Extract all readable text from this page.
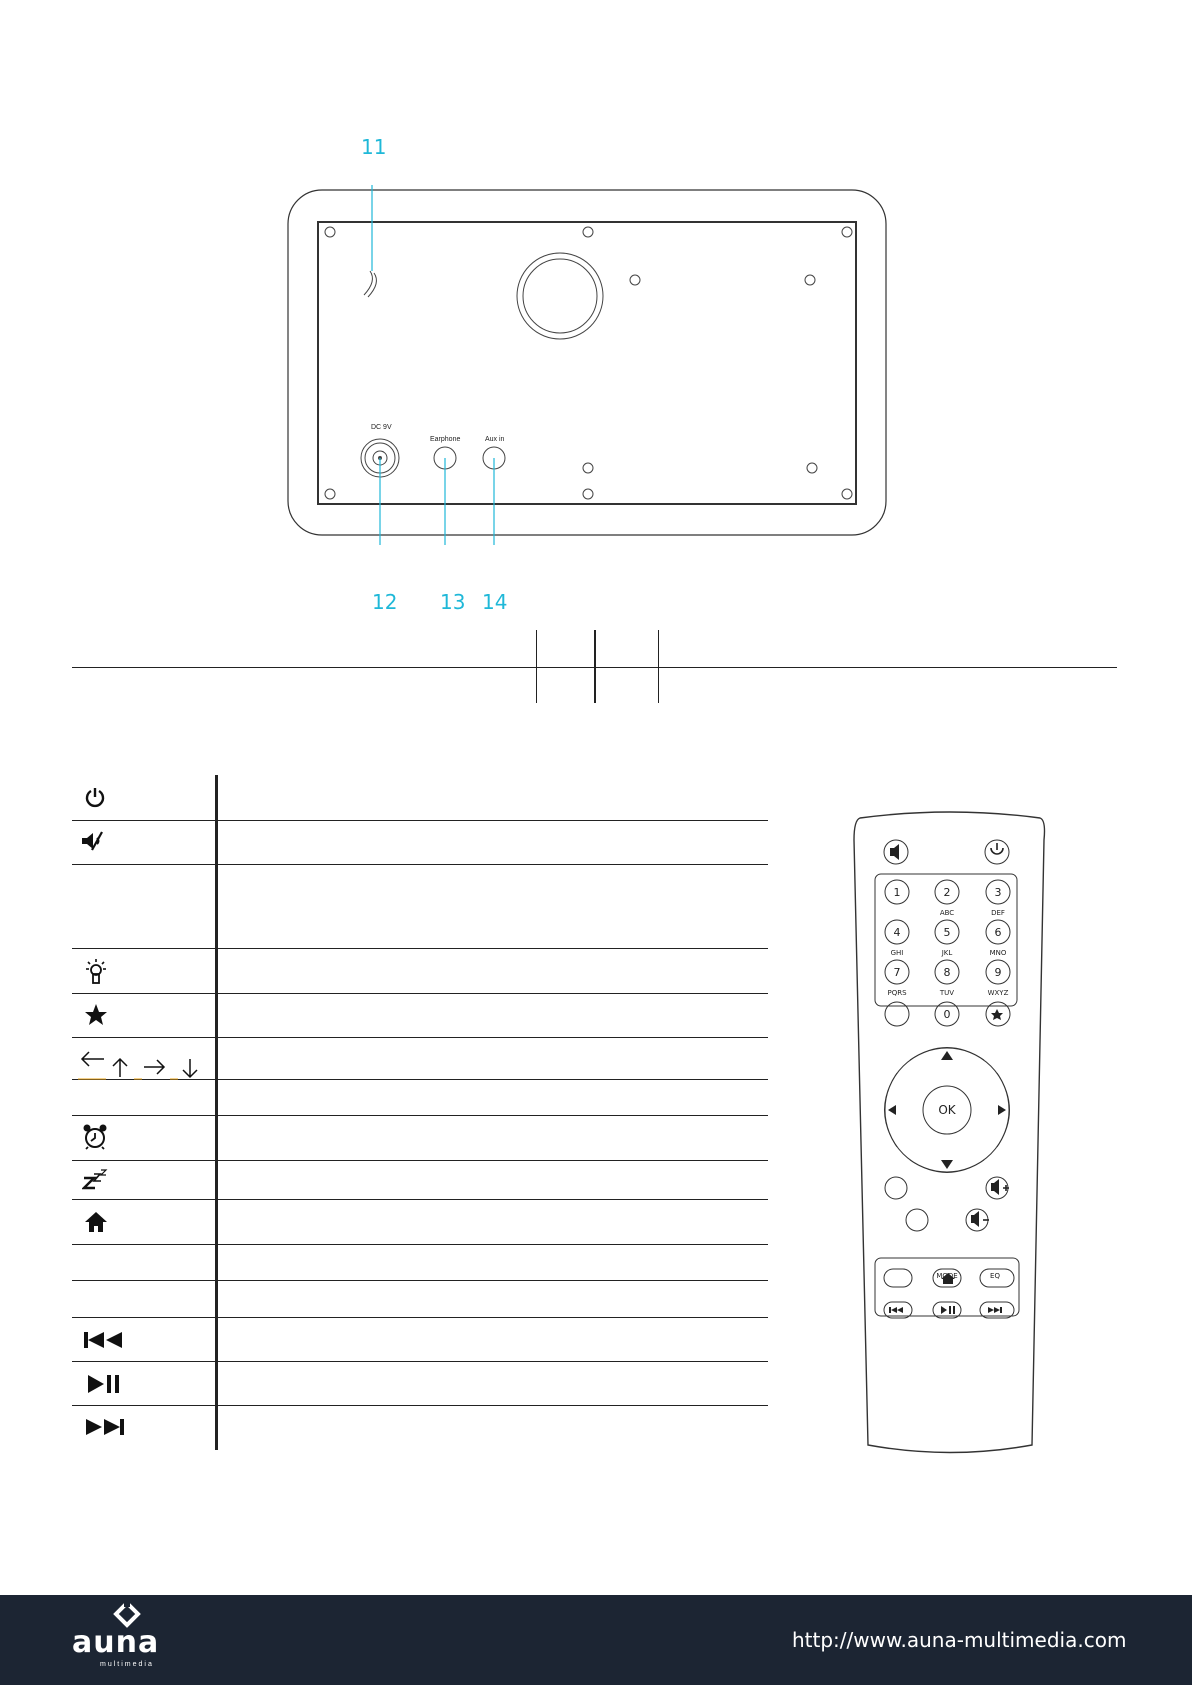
11
12 13 14
DC 9V
Earphone	Aux in
1	2	3
4	5	6
7	8	9
0
ABC	DEF
GHI	JKL	MNO
PQRS	TUV	WXYZ
OK
MODE	EQ
auna
multimedia
http://www.auna-multimedia.com
